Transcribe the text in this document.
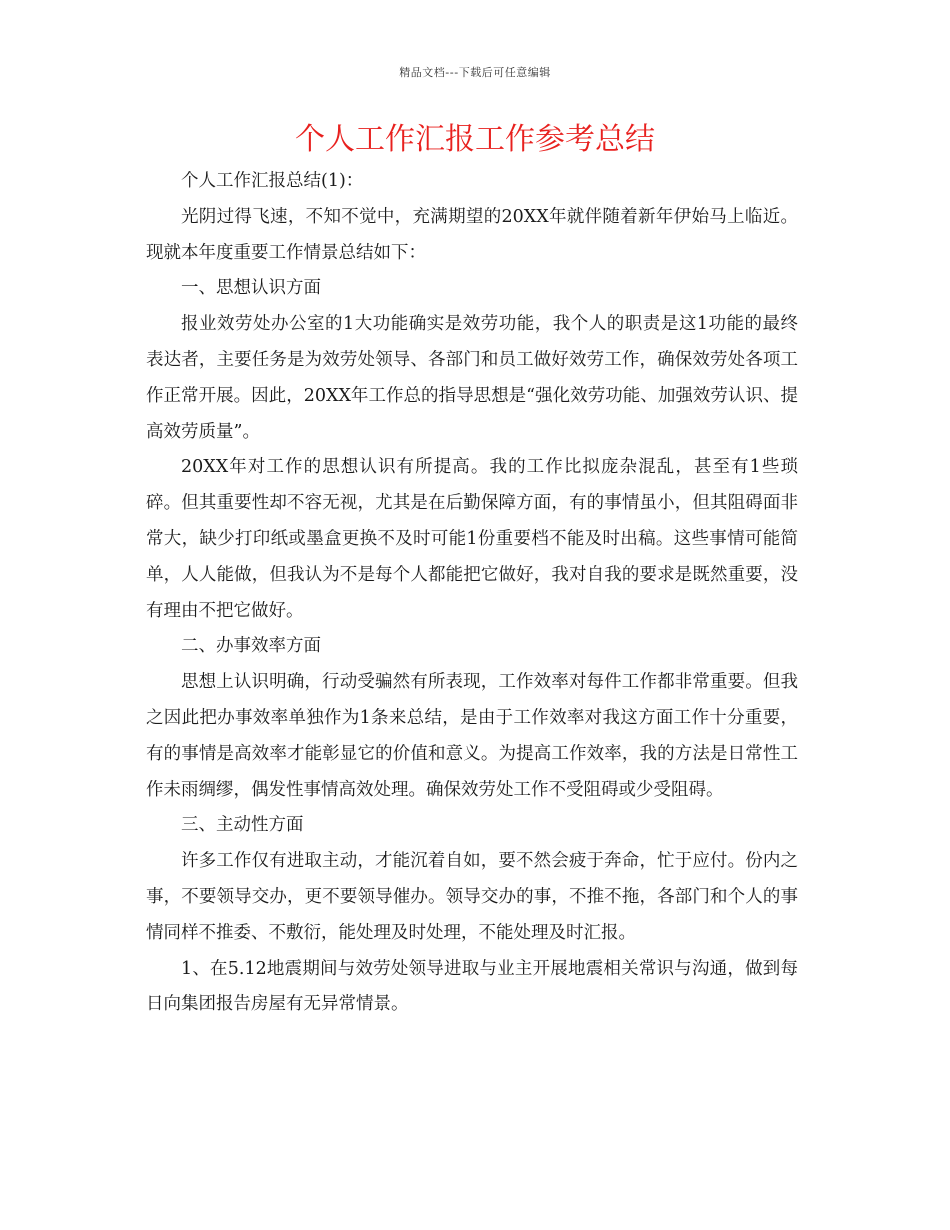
精品文档---下载后可任意编辑
个人工作汇报工作参考总结

个人工作汇报总结(1)：

光阴过得飞速，不知不觉中，充满期望的20XX年就伴随着新年伊始马上临近。现就本年度重要工作情景总结如下：

一、思想认识方面

报业效劳处办公室的1大功能确实是效劳功能，我个人的职责是这1功能的最终表达者，主要任务是为效劳处领导、各部门和员工做好效劳工作，确保效劳处各项工作正常开展。因此，20XX年工作总的指导思想是“强化效劳功能、加强效劳认识、提高效劳质量”。

20XX年对工作的思想认识有所提高。我的工作比拟庞杂混乱，甚至有1些琐碎。但其重要性却不容无视，尤其是在后勤保障方面，有的事情虽小，但其阻碍面非常大，缺少打印纸或墨盒更换不及时可能1份重要档不能及时出稿。这些事情可能简单，人人能做，但我认为不是每个人都能把它做好，我对自我的要求是既然重要，没有理由不把它做好。

二、办事效率方面

思想上认识明确，行动受骗然有所表现，工作效率对每件工作都非常重要。但我之因此把办事效率单独作为1条来总结，是由于工作效率对我这方面工作十分重要，有的事情是高效率才能彰显它的价值和意义。为提高工作效率，我的方法是日常性工作未雨绸缪，偶发性事情高效处理。确保效劳处工作不受阻碍或少受阻碍。

三、主动性方面

许多工作仅有进取主动，才能沉着自如，要不然会疲于奔命，忙于应付。份内之事，不要领导交办，更不要领导催办。领导交办的事，不推不拖，各部门和个人的事情同样不推委、不敷衍，能处理及时处理，不能处理及时汇报。

1、在5.12地震期间与效劳处领导进取与业主开展地震相关常识与沟通，做到每日向集团报告房屋有无异常情景。
